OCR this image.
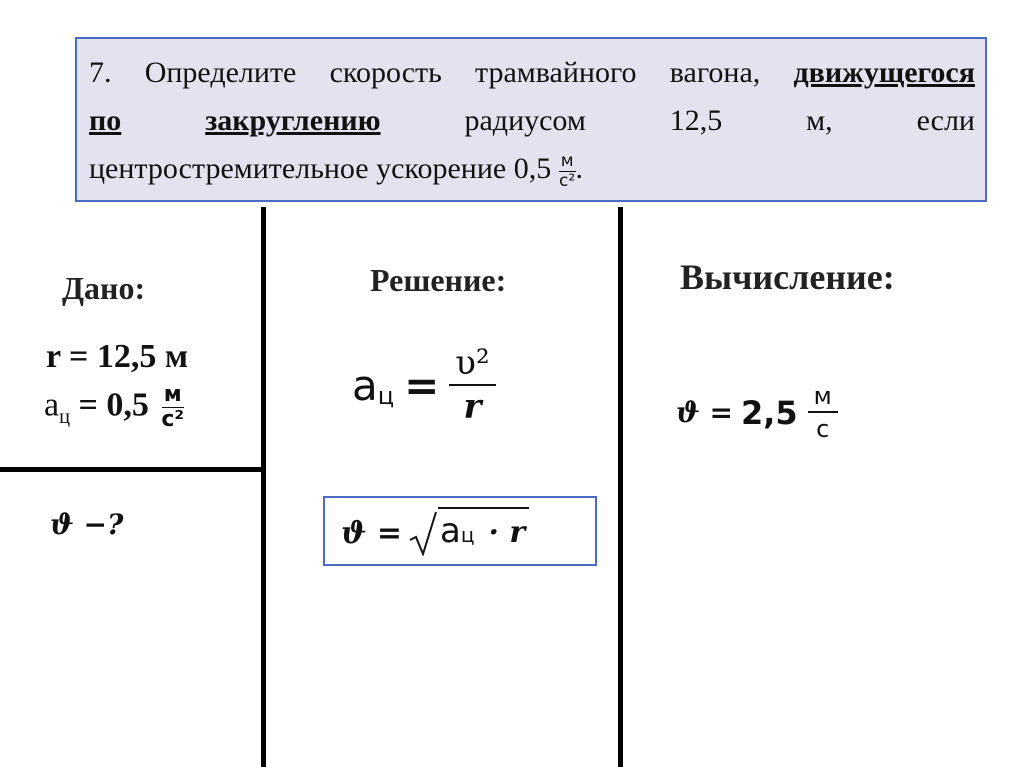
7. Определите скорость трамвайного вагона, движущегося
по	закруглению	радиусом	12,5	м,	если
центростремительное ускорение $0,5 \frac{м}{\text{с²}}$ .
Дано:	Решение:	Вычисление:
r = 12,5 м
$a_ц = 0,5 \frac{м}{\text{с²}}$
ϑ −?
a $ц = \frac{\text{υ²}}{r}$
ϑ = a ц · r
$ϑ = 2,5 \frac{м}{с}$
